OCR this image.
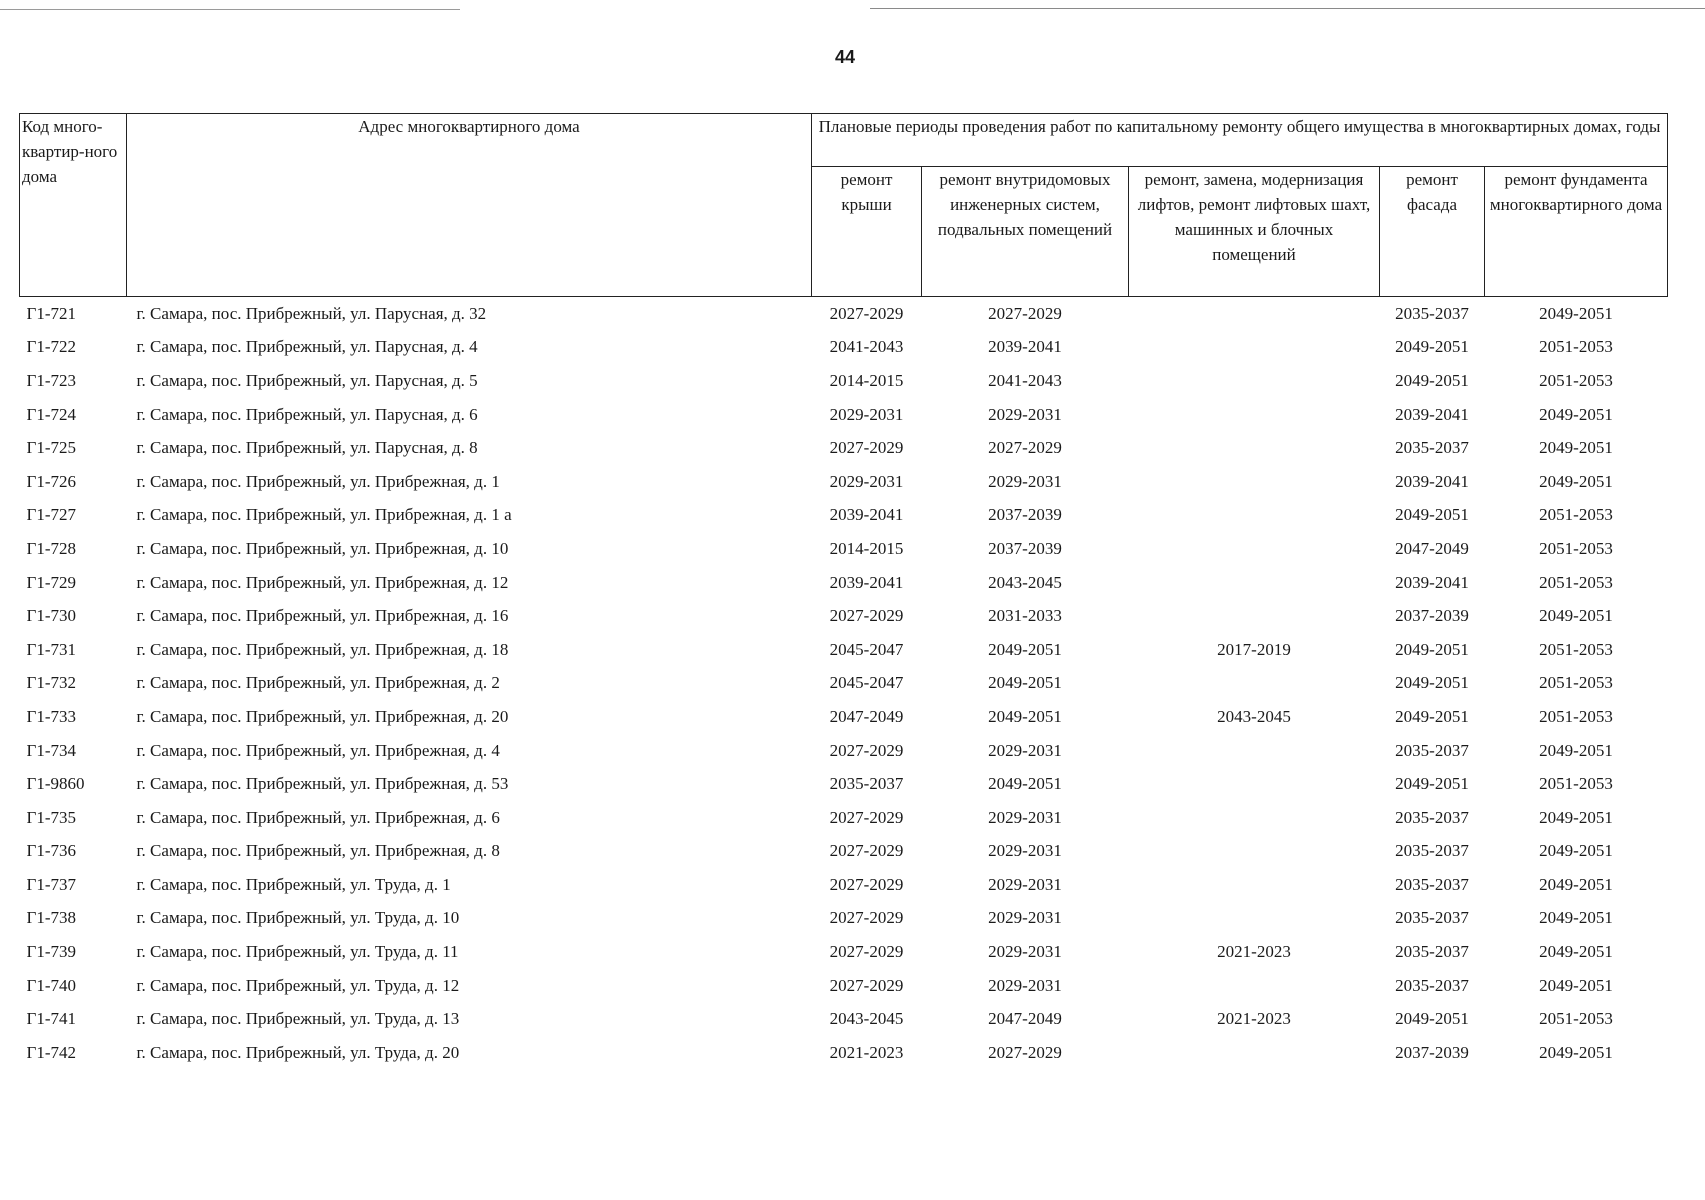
44
Код много-квартир-ного дома	Адрес многоквартирного дома	Плановые периоды проведения работ по капитальному ремонту общего имущества в многоквартирных домах, годы				
		ремонт крыши	ремонт внутридомовых инженерных систем, подвальных помещений	ремонт, замена, модернизация лифтов, ремонт лифтовых шахт, машинных и блочных помещений	ремонт фасада	ремонт фундамента многоквартирного дома
Г1-721	г. Самара, пос. Прибрежный, ул. Парусная, д. 32	2027-2029	2027-2029		2035-2037	2049-2051
Г1-722	г. Самара, пос. Прибрежный, ул. Парусная, д. 4	2041-2043	2039-2041		2049-2051	2051-2053
Г1-723	г. Самара, пос. Прибрежный, ул. Парусная, д. 5	2014-2015	2041-2043		2049-2051	2051-2053
Г1-724	г. Самара, пос. Прибрежный, ул. Парусная, д. 6	2029-2031	2029-2031		2039-2041	2049-2051
Г1-725	г. Самара, пос. Прибрежный, ул. Парусная, д. 8	2027-2029	2027-2029		2035-2037	2049-2051
Г1-726	г. Самара, пос. Прибрежный, ул. Прибрежная, д. 1	2029-2031	2029-2031		2039-2041	2049-2051
Г1-727	г. Самара, пос. Прибрежный, ул. Прибрежная, д. 1 а	2039-2041	2037-2039		2049-2051	2051-2053
Г1-728	г. Самара, пос. Прибрежный, ул. Прибрежная, д. 10	2014-2015	2037-2039		2047-2049	2051-2053
Г1-729	г. Самара, пос. Прибрежный, ул. Прибрежная, д. 12	2039-2041	2043-2045		2039-2041	2051-2053
Г1-730	г. Самара, пос. Прибрежный, ул. Прибрежная, д. 16	2027-2029	2031-2033		2037-2039	2049-2051
Г1-731	г. Самара, пос. Прибрежный, ул. Прибрежная, д. 18	2045-2047	2049-2051	2017-2019	2049-2051	2051-2053
Г1-732	г. Самара, пос. Прибрежный, ул. Прибрежная, д. 2	2045-2047	2049-2051		2049-2051	2051-2053
Г1-733	г. Самара, пос. Прибрежный, ул. Прибрежная, д. 20	2047-2049	2049-2051	2043-2045	2049-2051	2051-2053
Г1-734	г. Самара, пос. Прибрежный, ул. Прибрежная, д. 4	2027-2029	2029-2031		2035-2037	2049-2051
Г1-9860	г. Самара, пос. Прибрежный, ул. Прибрежная, д. 53	2035-2037	2049-2051		2049-2051	2051-2053
Г1-735	г. Самара, пос. Прибрежный, ул. Прибрежная, д. 6	2027-2029	2029-2031		2035-2037	2049-2051
Г1-736	г. Самара, пос. Прибрежный, ул. Прибрежная, д. 8	2027-2029	2029-2031		2035-2037	2049-2051
Г1-737	г. Самара, пос. Прибрежный, ул. Труда, д. 1	2027-2029	2029-2031		2035-2037	2049-2051
Г1-738	г. Самара, пос. Прибрежный, ул. Труда, д. 10	2027-2029	2029-2031		2035-2037	2049-2051
Г1-739	г. Самара, пос. Прибрежный, ул. Труда, д. 11	2027-2029	2029-2031	2021-2023	2035-2037	2049-2051
Г1-740	г. Самара, пос. Прибрежный, ул. Труда, д. 12	2027-2029	2029-2031		2035-2037	2049-2051
Г1-741	г. Самара, пос. Прибрежный, ул. Труда, д. 13	2043-2045	2047-2049	2021-2023	2049-2051	2051-2053
Г1-742	г. Самара, пос. Прибрежный, ул. Труда, д. 20	2021-2023	2027-2029		2037-2039	2049-2051
